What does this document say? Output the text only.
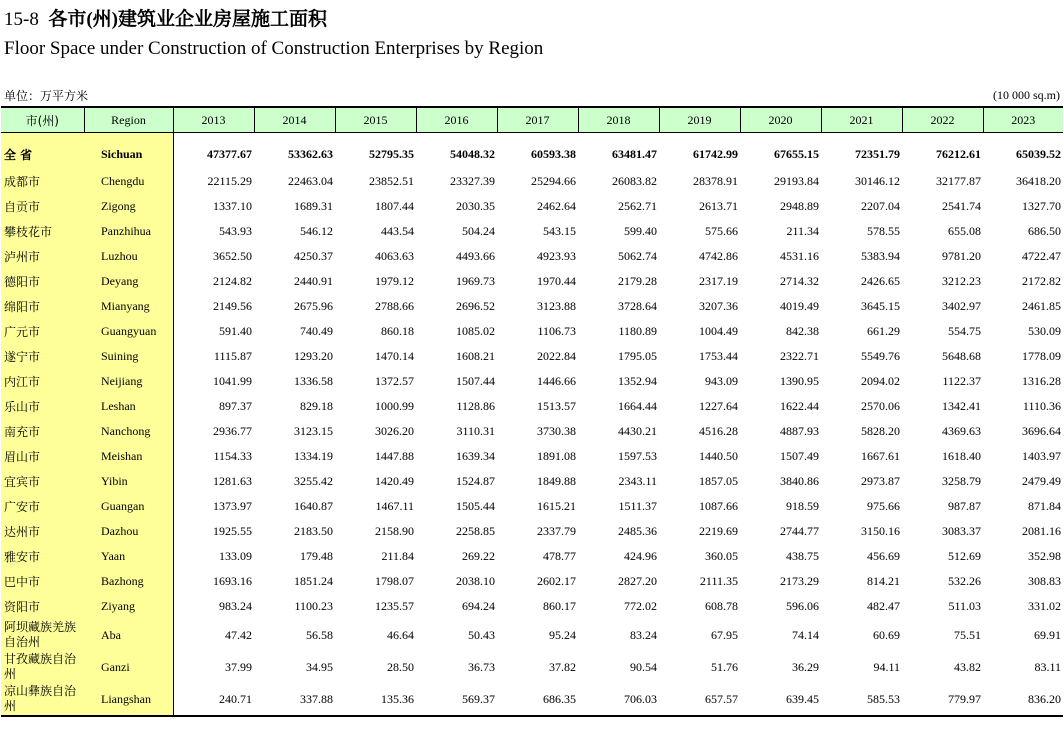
15-8 各市(州)建筑业企业房屋施工面积
Floor Space under Construction of Construction Enterprises by Region
单位：万平方米	(10 000 sq.m)
市(州)	Region	2013	2014	2015	2016	2017	2018	2019	2020	2021	2022	2023
全 省	Sichuan	47377.67	53362.63	52795.35	54048.32	60593.38	63481.47	61742.99	67655.15	72351.79	76212.61	65039.52
成都市	Chengdu	22115.29	22463.04	23852.51	23327.39	25294.66	26083.82	28378.91	29193.84	30146.12	32177.87	36418.20
自贡市	Zigong	1337.10	1689.31	1807.44	2030.35	2462.64	2562.71	2613.71	2948.89	2207.04	2541.74	1327.70
攀枝花市	Panzhihua	543.93	546.12	443.54	504.24	543.15	599.40	575.66	211.34	578.55	655.08	686.50
泸州市	Luzhou	3652.50	4250.37	4063.63	4493.66	4923.93	5062.74	4742.86	4531.16	5383.94	9781.20	4722.47
德阳市	Deyang	2124.82	2440.91	1979.12	1969.73	1970.44	2179.28	2317.19	2714.32	2426.65	3212.23	2172.82
绵阳市	Mianyang	2149.56	2675.96	2788.66	2696.52	3123.88	3728.64	3207.36	4019.49	3645.15	3402.97	2461.85
广元市	Guangyuan	591.40	740.49	860.18	1085.02	1106.73	1180.89	1004.49	842.38	661.29	554.75	530.09
遂宁市	Suining	1115.87	1293.20	1470.14	1608.21	2022.84	1795.05	1753.44	2322.71	5549.76	5648.68	1778.09
内江市	Neijiang	1041.99	1336.58	1372.57	1507.44	1446.66	1352.94	943.09	1390.95	2094.02	1122.37	1316.28
乐山市	Leshan	897.37	829.18	1000.99	1128.86	1513.57	1664.44	1227.64	1622.44	2570.06	1342.41	1110.36
南充市	Nanchong	2936.77	3123.15	3026.20	3110.31	3730.38	4430.21	4516.28	4887.93	5828.20	4369.63	3696.64
眉山市	Meishan	1154.33	1334.19	1447.88	1639.34	1891.08	1597.53	1440.50	1507.49	1667.61	1618.40	1403.97
宜宾市	Yibin	1281.63	3255.42	1420.49	1524.87	1849.88	2343.11	1857.05	3840.86	2973.87	3258.79	2479.49
广安市	Guangan	1373.97	1640.87	1467.11	1505.44	1615.21	1511.37	1087.66	918.59	975.66	987.87	871.84
达州市	Dazhou	1925.55	2183.50	2158.90	2258.85	2337.79	2485.36	2219.69	2744.77	3150.16	3083.37	2081.16
雅安市	Yaan	133.09	179.48	211.84	269.22	478.77	424.96	360.05	438.75	456.69	512.69	352.98
巴中市	Bazhong	1693.16	1851.24	1798.07	2038.10	2602.17	2827.20	2111.35	2173.29	814.21	532.26	308.83
资阳市	Ziyang	983.24	1100.23	1235.57	694.24	860.17	772.02	608.78	596.06	482.47	511.03	331.02
阿坝藏族羌族自治州	Aba	47.42	56.58	46.64	50.43	95.24	83.24	67.95	74.14	60.69	75.51	69.91
甘孜藏族自治州	Ganzi	37.99	34.95	28.50	36.73	37.82	90.54	51.76	36.29	94.11	43.82	83.11
凉山彝族自治州	Liangshan	240.71	337.88	135.36	569.37	686.35	706.03	657.57	639.45	585.53	779.97	836.20
